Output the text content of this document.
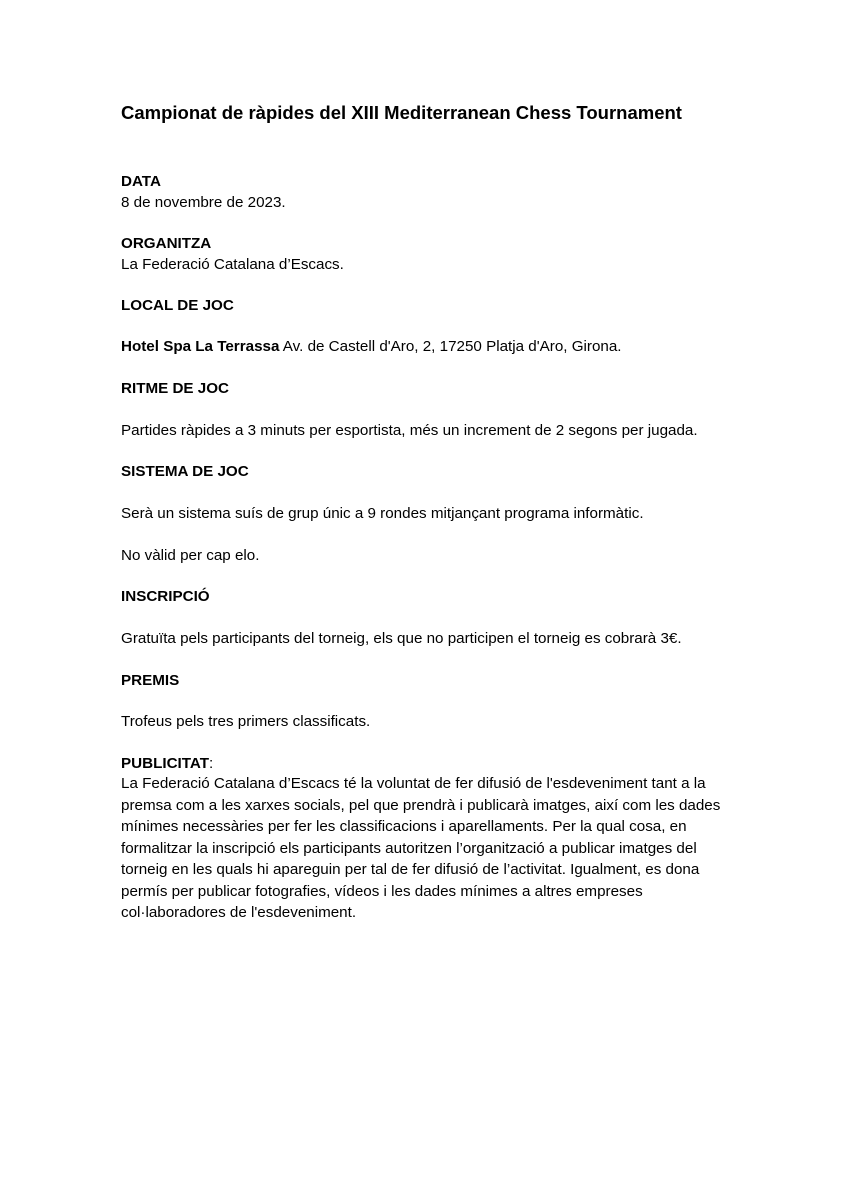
Campionat de ràpides del XIII Mediterranean Chess Tournament
DATA
8 de novembre de 2023.
ORGANITZA
La Federació Catalana d’Escacs.
LOCAL DE JOC
Hotel Spa La Terrassa Av. de Castell d'Aro, 2, 17250 Platja d'Aro, Girona.
RITME DE JOC
Partides ràpides a 3 minuts per esportista, més un increment de 2 segons per jugada.
SISTEMA DE JOC
Serà un sistema suís de grup únic a 9 rondes mitjançant programa informàtic.
No vàlid per cap elo.
INSCRIPCIÓ
Gratuïta pels participants del torneig, els que no participen el torneig es cobrarà 3€.
PREMIS
Trofeus pels tres primers classificats.
PUBLICITAT:
La Federació Catalana d’Escacs té la voluntat de fer difusió de l'esdeveniment tant a la
premsa com a les xarxes socials, pel que prendrà i publicarà imatges, així com les dades
mínimes necessàries per fer les classificacions i aparellaments. Per la qual cosa, en
formalitzar la inscripció els participants autoritzen l’organització a publicar imatges del
torneig en les quals hi apareguin per tal de fer difusió de l’activitat. Igualment, es dona
permís per publicar fotografies, vídeos i les dades mínimes a altres empreses
col·laboradores de l'esdeveniment.
